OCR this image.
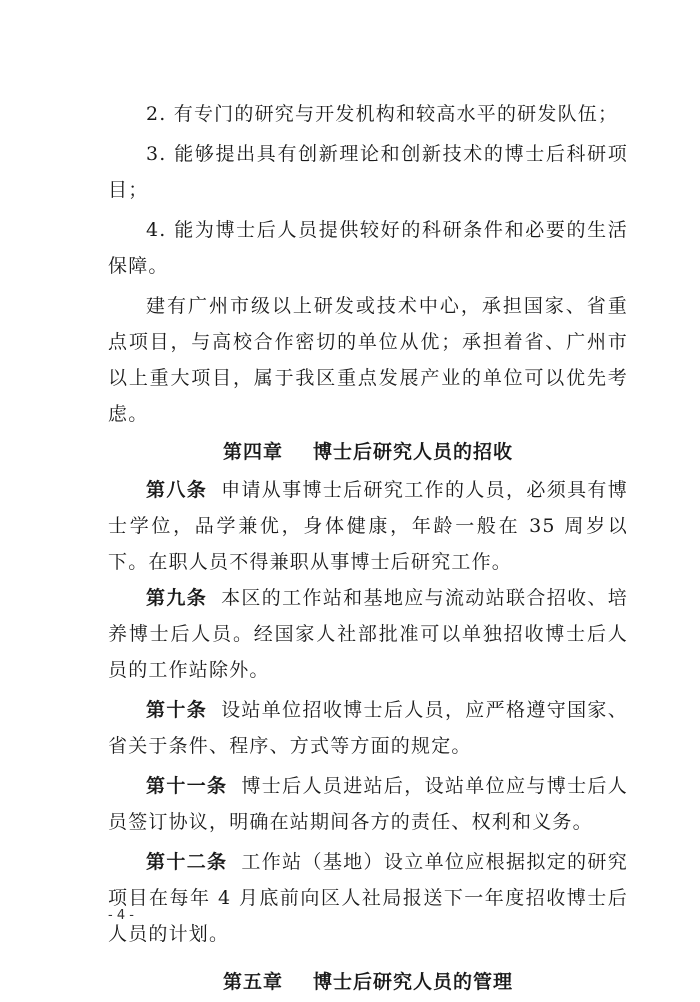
2. 有专门的研究与开发机构和较高水平的研发队伍；

3. 能够提出具有创新理论和创新技术的博士后科研项目；

4. 能为博士后人员提供较好的科研条件和必要的生活保障。

建有广州市级以上研发或技术中心，承担国家、省重点项目，与高校合作密切的单位从优；承担着省、广州市以上重大项目，属于我区重点发展产业的单位可以优先考虑。

第四章 博士后研究人员的招收

第八条 申请从事博士后研究工作的人员，必须具有博士学位，品学兼优，身体健康，年龄一般在 35 周岁以下。在职人员不得兼职从事博士后研究工作。

第九条 本区的工作站和基地应与流动站联合招收、培养博士后人员。经国家人社部批准可以单独招收博士后人员的工作站除外。

第十条 设站单位招收博士后人员，应严格遵守国家、省关于条件、程序、方式等方面的规定。

第十一条 博士后人员进站后，设站单位应与博士后人员签订协议，明确在站期间各方的责任、权利和义务。

第十二条 工作站（基地）设立单位应根据拟定的研究项目在每年 4 月底前向区人社局报送下一年度招收博士后人员的计划。

第五章 博士后研究人员的管理
- 4 -
